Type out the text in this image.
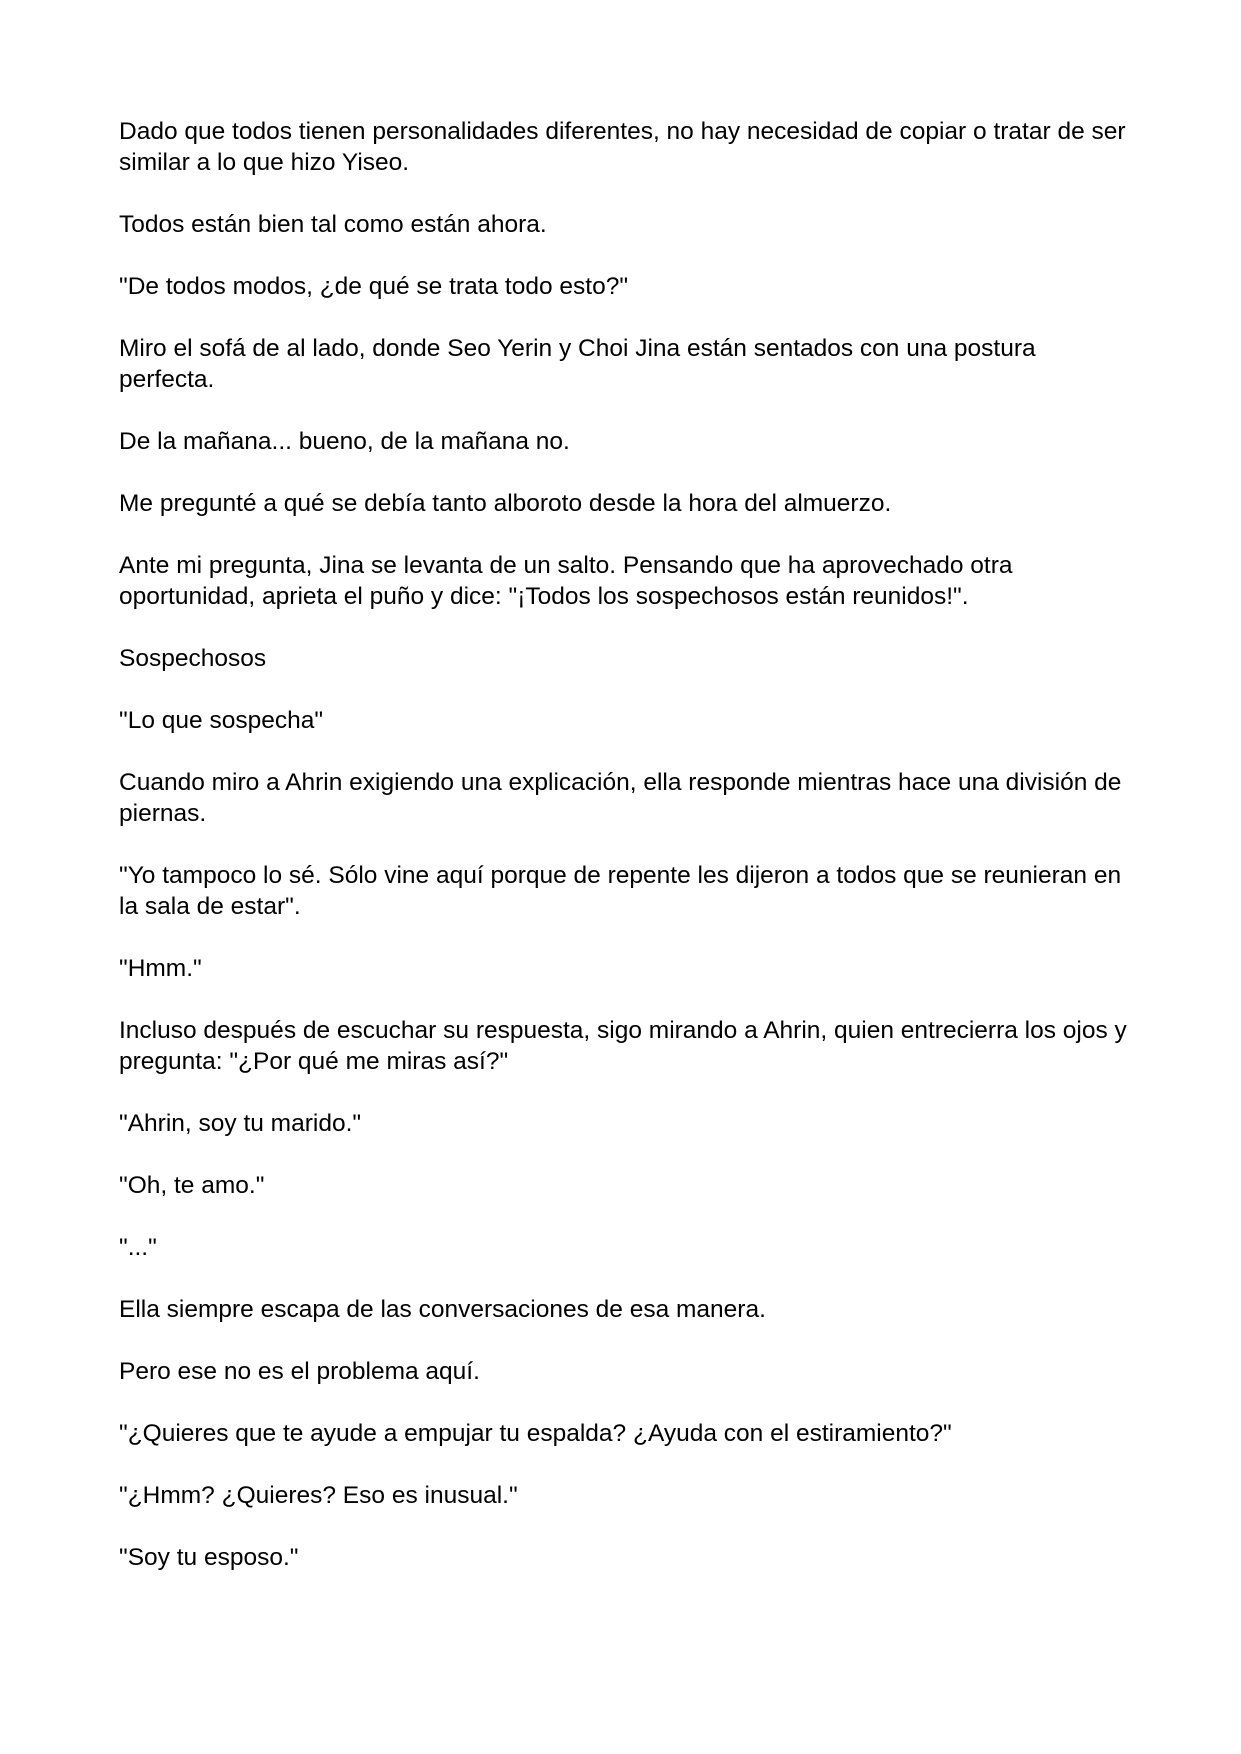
Dado que todos tienen personalidades diferentes, no hay necesidad de copiar o tratar de ser similar a lo que hizo Yiseo.

Todos están bien tal como están ahora.

"De todos modos, ¿de qué se trata todo esto?"

Miro el sofá de al lado, donde Seo Yerin y Choi Jina están sentados con una postura perfecta.

De la mañana... bueno, de la mañana no.

Me pregunté a qué se debía tanto alboroto desde la hora del almuerzo.

Ante mi pregunta, Jina se levanta de un salto. Pensando que ha aprovechado otra oportunidad, aprieta el puño y dice: "¡Todos los sospechosos están reunidos!".

Sospechosos

"Lo que sospecha"

Cuando miro a Ahrin exigiendo una explicación, ella responde mientras hace una división de piernas.

"Yo tampoco lo sé. Sólo vine aquí porque de repente les dijeron a todos que se reunieran en la sala de estar".

"Hmm."

Incluso después de escuchar su respuesta, sigo mirando a Ahrin, quien entrecierra los ojos y pregunta: "¿Por qué me miras así?"

"Ahrin, soy tu marido."

"Oh, te amo."

"..."

Ella siempre escapa de las conversaciones de esa manera.

Pero ese no es el problema aquí.

"¿Quieres que te ayude a empujar tu espalda? ¿Ayuda con el estiramiento?"

"¿Hmm? ¿Quieres? Eso es inusual."

"Soy tu esposo."
